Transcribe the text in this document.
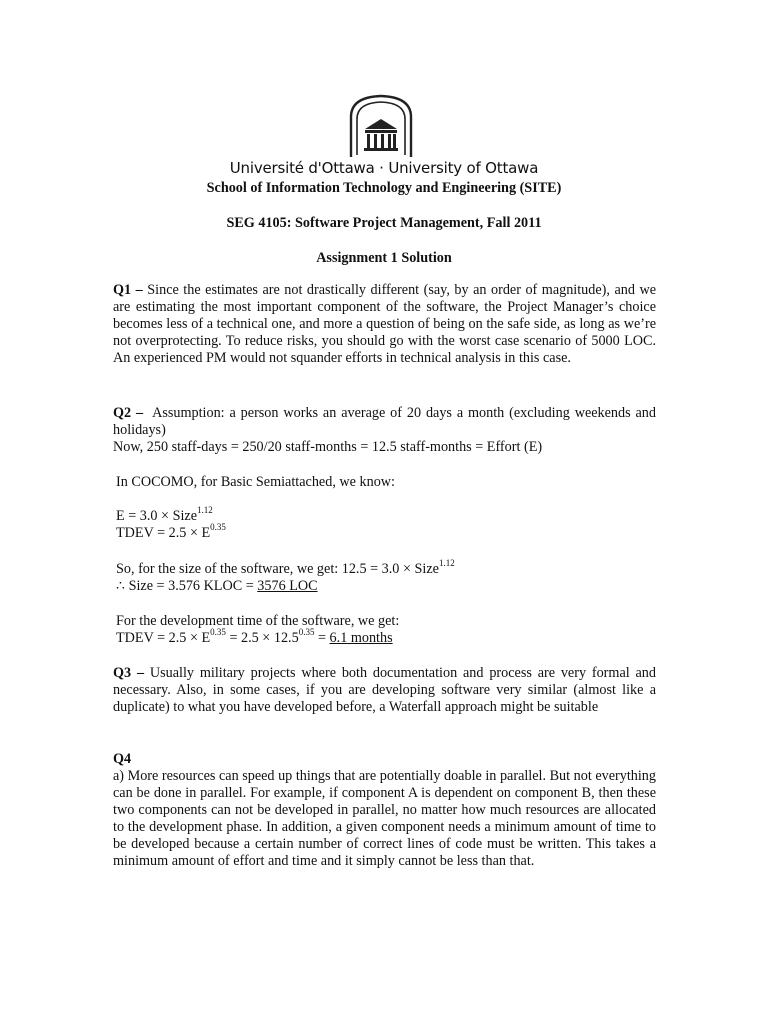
Université d'Ottawa · University of Ottawa
School of Information Technology and Engineering (SITE)
SEG 4105: Software Project Management, Fall 2011
Assignment 1 Solution
Q1 – Since the estimates are not drastically different (say, by an order of magnitude), and we are estimating the most important component of the software, the Project Manager’s choice becomes less of a technical one, and more a question of being on the safe side, as long as we’re not overprotecting. To reduce risks, you should go with the worst case scenario of 5000 LOC. An experienced PM would not squander efforts in technical analysis in this case.
Q2 – Assumption: a person works an average of 20 days a month (excluding weekends and holidays)
Now, 250 staff-days = 250/20 staff-months = 12.5 staff-months = Effort (E)
In COCOMO, for Basic Semiattached, we know:
E = 3.0 × Size$^{1.12}$
TDEV = $2.5 \times E^{0.35}$
So, for the size of the software, we get: 12.5 = 3.0 × Size$^{1.12}$
∴ Size = 3.576 KLOC = 3576 LOC
For the development time of the software, we get:
TDEV = $2.5 \times E^{0.35} = 2.5 \times 12.5^{0.35} = 6.1$ months
Q3 – Usually military projects where both documentation and process are very formal and necessary. Also, in some cases, if you are developing software very similar (almost like a duplicate) to what you have developed before, a Waterfall approach might be suitable
Q4
a) More resources can speed up things that are potentially doable in parallel. But not everything can be done in parallel. For example, if component A is dependent on component B, then these two components can not be developed in parallel, no matter how much resources are allocated to the development phase. In addition, a given component needs a minimum amount of time to be developed because a certain number of correct lines of code must be written. This takes a minimum amount of effort and time and it simply cannot be less than that.
